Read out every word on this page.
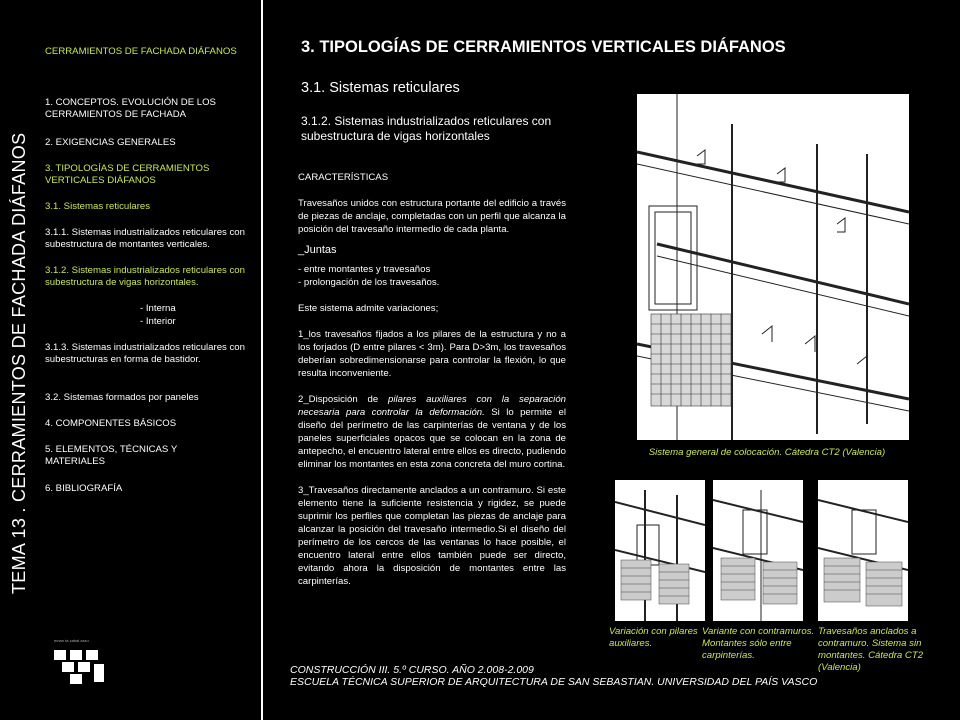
TEMA 13 . CERRAMIENTOS DE FACHADA DIÁFANOS
CERRAMIENTOS DE FACHADA DIÁFANOS
1. CONCEPTOS. EVOLUCIÓN DE LOS CERRAMIENTOS DE FACHADA
2. EXIGENCIAS GENERALES
3. TIPOLOGÍAS DE CERRAMIENTOS VERTICALES DIÁFANOS
3.1. Sistemas reticulares
3.1.1. Sistemas industrializados reticulares con subestructura de montantes verticales.
3.1.2. Sistemas industrializados reticulares con subestructura de vigas horizontales.
- Interna
- Interior
3.1.3. Sistemas industrializados reticulares con subestructuras en forma de bastidor.
3.2. Sistemas formados por paneles
4. COMPONENTES BÁSICOS
5. ELEMENTOS, TÉCNICAS Y MATERIALES
6. BIBLIOGRAFÍA
3. TIPOLOGÍAS DE CERRAMIENTOS VERTICALES DIÁFANOS
3.1. Sistemas reticulares
3.1.2. Sistemas industrializados reticulares con subestructura de vigas horizontales

CARACTERÍSTICAS

Travesaños unidos con estructura portante del edificio a través de piezas de anclaje, completadas con un perfil que alcanza la posición del travesaño intermedio de cada planta.

_Juntas

- entre montantes y travesaños

- prolongación de los travesaños.

Este sistema admite variaciones;

1_los travesaños fijados a los pilares de la estructura y no a los forjados (D entre pilares < 3m). Para D>3m, los travesaños deberían sobredimensionarse para controlar la flexión, lo que resulta inconveniente.

2_Disposición de pilares auxiliares con la separación necesaria para controlar la deformación. Si lo permite el diseño del perímetro de las carpinterías de ventana y de los paneles superficiales opacos que se colocan en la zona de antepecho, el encuentro lateral entre ellos es directo, pudiendo eliminar los montantes en esta zona concreta del muro cortina.

3_Travesaños directamente anclados a un contramuro. Si este elemento tiene la suficiente resistencia y rigidez, se puede suprimir los perfiles que completan las piezas de anclaje para alcanzar la posición del travesaño intermedio.Si el diseño del perímetro de los cercos de las ventanas lo hace posible, el encuentro lateral entre ellos también puede ser directo, evitando ahora la disposición de montantes entre las carpinterías.

Sistema general de colocación. Cátedra CT2 (Valencia)
Variación con pilares auxiliares.
Variante con contramuros. Montantes sólo entre carpinterías.
Travesaños anclados a contramuro. Sistema sin montantes. Cátedra CT2 (Valencia)
CONSTRUCCIÓN III. 5.º CURSO. AÑO 2.008-2.009
ESCUELA TÉCNICA SUPERIOR DE ARQUITECTURA DE SAN SEBASTIAN. UNIVERSIDAD DEL PAÍS VASCO
eman ta zabal zazu
